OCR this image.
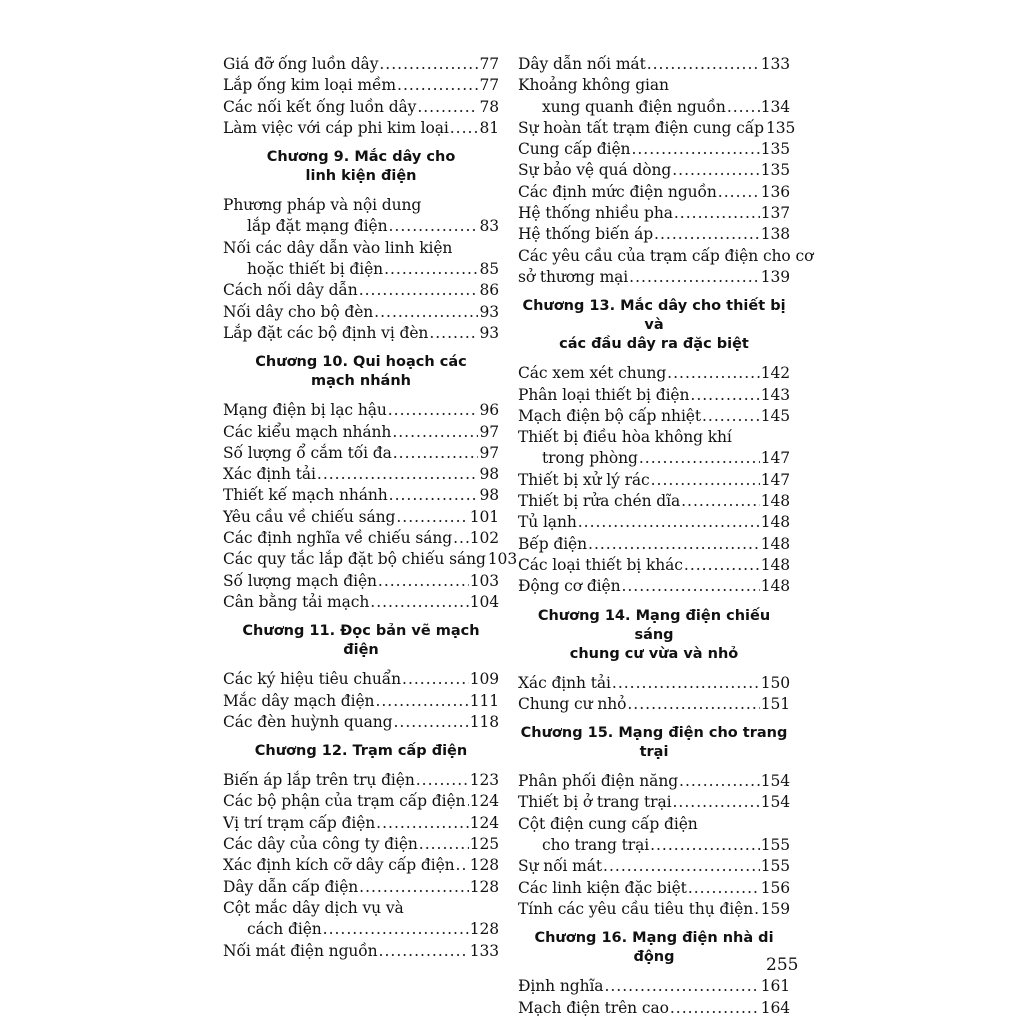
Giá đỡ ống luồn dây .....	77
Lắp ống kim loại mềm .....	77
Các nối kết ống luồn dây .....	78
Làm việc với cáp phi kim loại ..... 81
Chương 9. Mắc dây cho
linh kiện điện
Phương pháp và nội dung
lắp đặt mạng điện .....	83
Nối các dây dẫn vào linh kiện
hoặc thiết bị điện .....	85
Cách nối dây dẫn .....	86
Nối dây cho bộ đèn .....	93
Lắp đặt các bộ định vị đèn .....	93
Chương 10. Qui hoạch các
mạch nhánh
Mạng điện bị lạc hậu .....	96
Các kiểu mạch nhánh .....	97
Số lượng ổ cắm tối đa .....	97
Xác định tải .....	98
Thiết kế mạch nhánh .....	98
Yêu cầu về chiếu sáng .....	101
Các định nghĩa về chiếu sáng ..... 102
Các quy tắc lắp đặt bộ chiếu sáng 103
Số lượng mạch điện .....	103
Cân bằng tải mạch .....	104
Chương 11. Đọc bản vẽ mạch điện
Các ký hiệu tiêu chuẩn .....	109
Mắc dây mạch điện .....	111
Các đèn huỳnh quang .....	118
Chương 12. Trạm cấp điện
Biến áp lắp trên trụ điện .....	123
Các bộ phận của trạm cấp điện ..... 124
Vị trí trạm cấp điện .....	124
Các dây của công ty điện .....	125
Xác định kích cỡ dây cấp điện ..... 128
Dây dẫn cấp điện .....	128
Cột mắc dây dịch vụ và
cách điện .....	128
Nối mát điện nguồn .....	133
Dây dẫn nối mát .....	133
Khoảng không gian
xung quanh điện nguồn ..... 134
Sự hoàn tất trạm điện cung cấp 135
Cung cấp điện .....	135
Sự bảo vệ quá dòng .....	135
Các định mức điện nguồn .....	136
Hệ thống nhiều pha .....	137
Hệ thống biến áp .....	138
Các yêu cầu của trạm cấp điện cho cơ
sở thương mại .....	139
Chương 13. Mắc dây cho thiết bị và
các đầu dây ra đặc biệt
Các xem xét chung .....	142
Phân loại thiết bị điện .....	143
Mạch điện bộ cấp nhiệt .....	145
Thiết bị điều hòa không khí
trong phòng .....	147
Thiết bị xử lý rác .....	147
Thiết bị rửa chén dĩa .....	148
Tủ lạnh .....	148
Bếp điện .....	148
Các loại thiết bị khác .....	148
Động cơ điện .....	148
Chương 14. Mạng điện chiếu sáng
chung cư vừa và nhỏ
Xác định tải .....	150
Chung cư nhỏ .....	151
Chương 15. Mạng điện cho trang trại
Phân phối điện năng .....	154
Thiết bị ở trang trại .....	154
Cột điện cung cấp điện
cho trang trại .....	155
Sự nối mát .....	155
Các linh kiện đặc biệt .....	156
Tính các yêu cầu tiêu thụ điện ..... 159
Chương 16. Mạng điện nhà di động
Định nghĩa .....	161
Mạch điện trên cao .....	164
255
